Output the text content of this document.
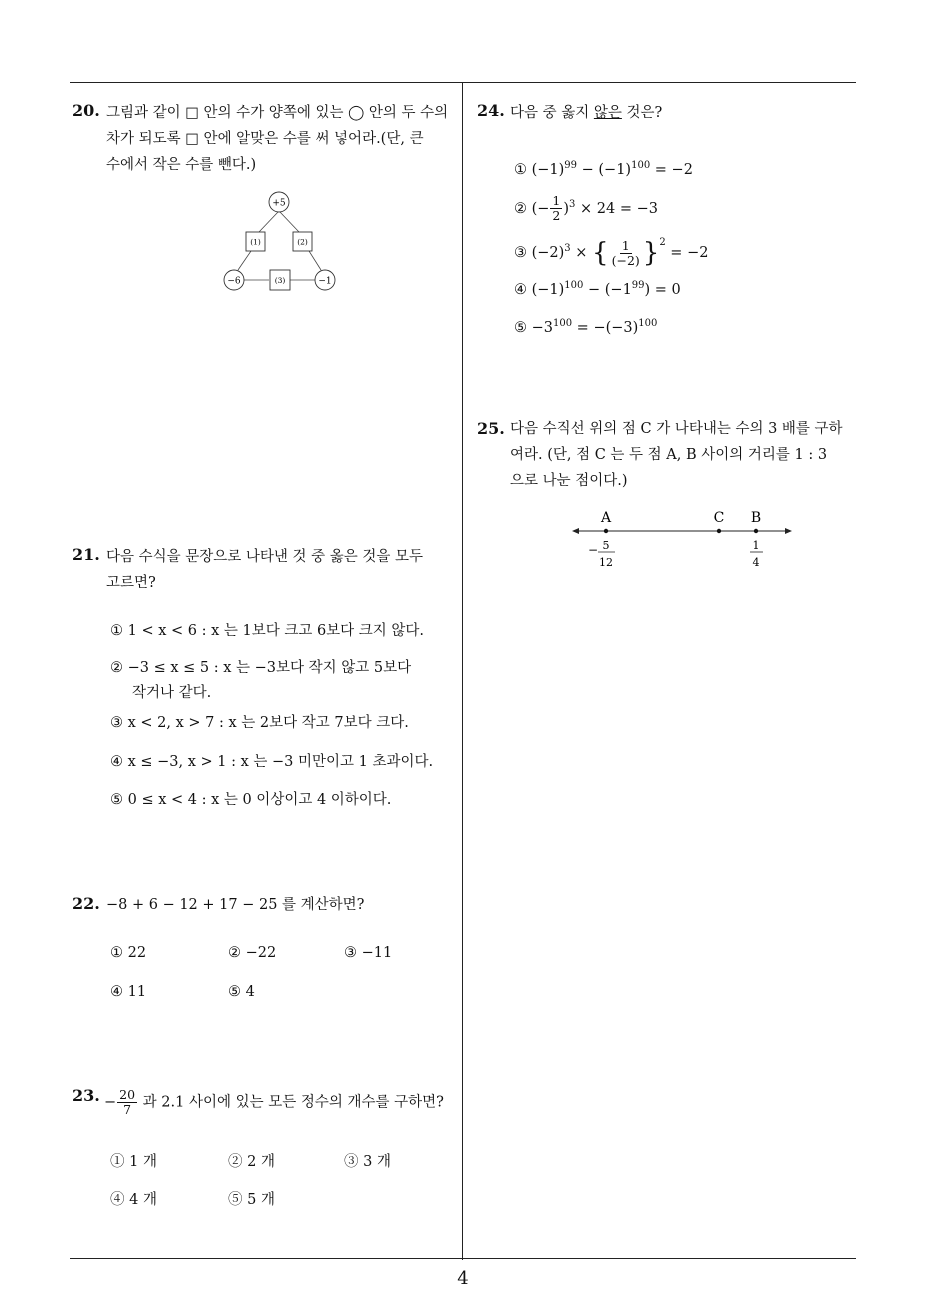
20. 그림과 같이 □ 안의 수가 양쪽에 있는 ◯ 안의 두 수의
차가 되도록 □ 안에 알맞은 수를 써 넣어라.(단, 큰
수에서 작은 수를 뺀다.)
+5
(1)	(2)
−6	(3)	−1
21. 다음 수식을 문장으로 나타낸 것 중 옳은 것을 모두
고르면?
① 1 < x < 6 : x 는 1보다 크고 6보다 크지 않다.
② −3 ≤ x ≤ 5 : x 는 −3보다 작지 않고 5보다
작거나 같다.
③ x < 2, x > 7 : x 는 2보다 작고 7보다 크다.
④ x ≤ −3, x > 1 : x 는 −3 미만이고 1 초과이다.
⑤ 0 ≤ x < 4 : x 는 0 이상이고 4 이하이다.
22. −8 + 6 − 12 + 17 − 25 를 계산하면?
① 22	② −22	③ −11
④ 11	⑤ 4
23. − $\frac{20}{7}$ 과 2.1 사이에 있는 모든 정수의 개수를 구하면?
① 1 개	② 2 개	③ 3 개
④ 4 개	⑤ 5 개
24. 다음 중 옳지 않은 것은?
① $(-1)^{99} - (-1)^{100} = -2$
② (− $\frac{1}{2} )^3 \times 24 = -3$
③ $(-2)^3$ × { $\frac{1}{(-2)} \}^2 = -2$
④ $(-1)^{100} - (-1^{99}) = 0$
⑤ $-3^{100} = -(-3)^{100}$
25. 다음 수직선 위의 점 C 가 나타내는 수의 3 배를 구하
여라. (단, 점 C 는 두 점 A, B 사이의 거리를 1 : 3
으로 나눈 점이다.)
A	C B
− 5
12
1
4
4
